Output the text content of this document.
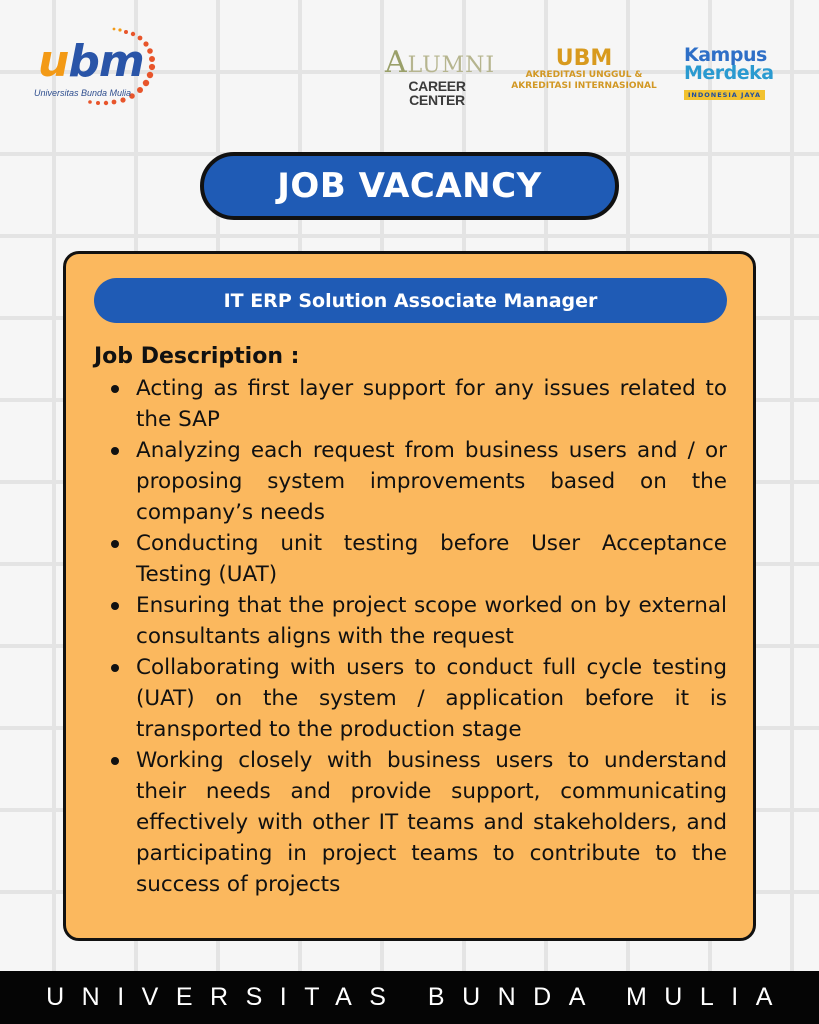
ubm
Universitas Bunda Mulia
ALUMNI
CAREER CENTER
UBM
AKREDITASI UNGGUL &
AKREDITASI INTERNASIONAL
Kampus
Merdeka
INDONESIA JAYA
JOB VACANCY
IT ERP Solution Associate Manager
Job Description :
Acting as first layer support for any issues related to the SAP
Analyzing each request from business users and / or proposing system improvements based on the company’s needs
Conducting unit testing before User Acceptance Testing (UAT)
Ensuring that the project scope worked on by external consultants aligns with the request
Collaborating with users to conduct full cycle testing (UAT) on the system / application before it is transported to the production stage
Working closely with business users to understand their needs and provide support, communicating effectively with other IT teams and stakeholders, and participating in project teams to contribute to the success of projects
UNIVERSITAS BUNDA MULIA
